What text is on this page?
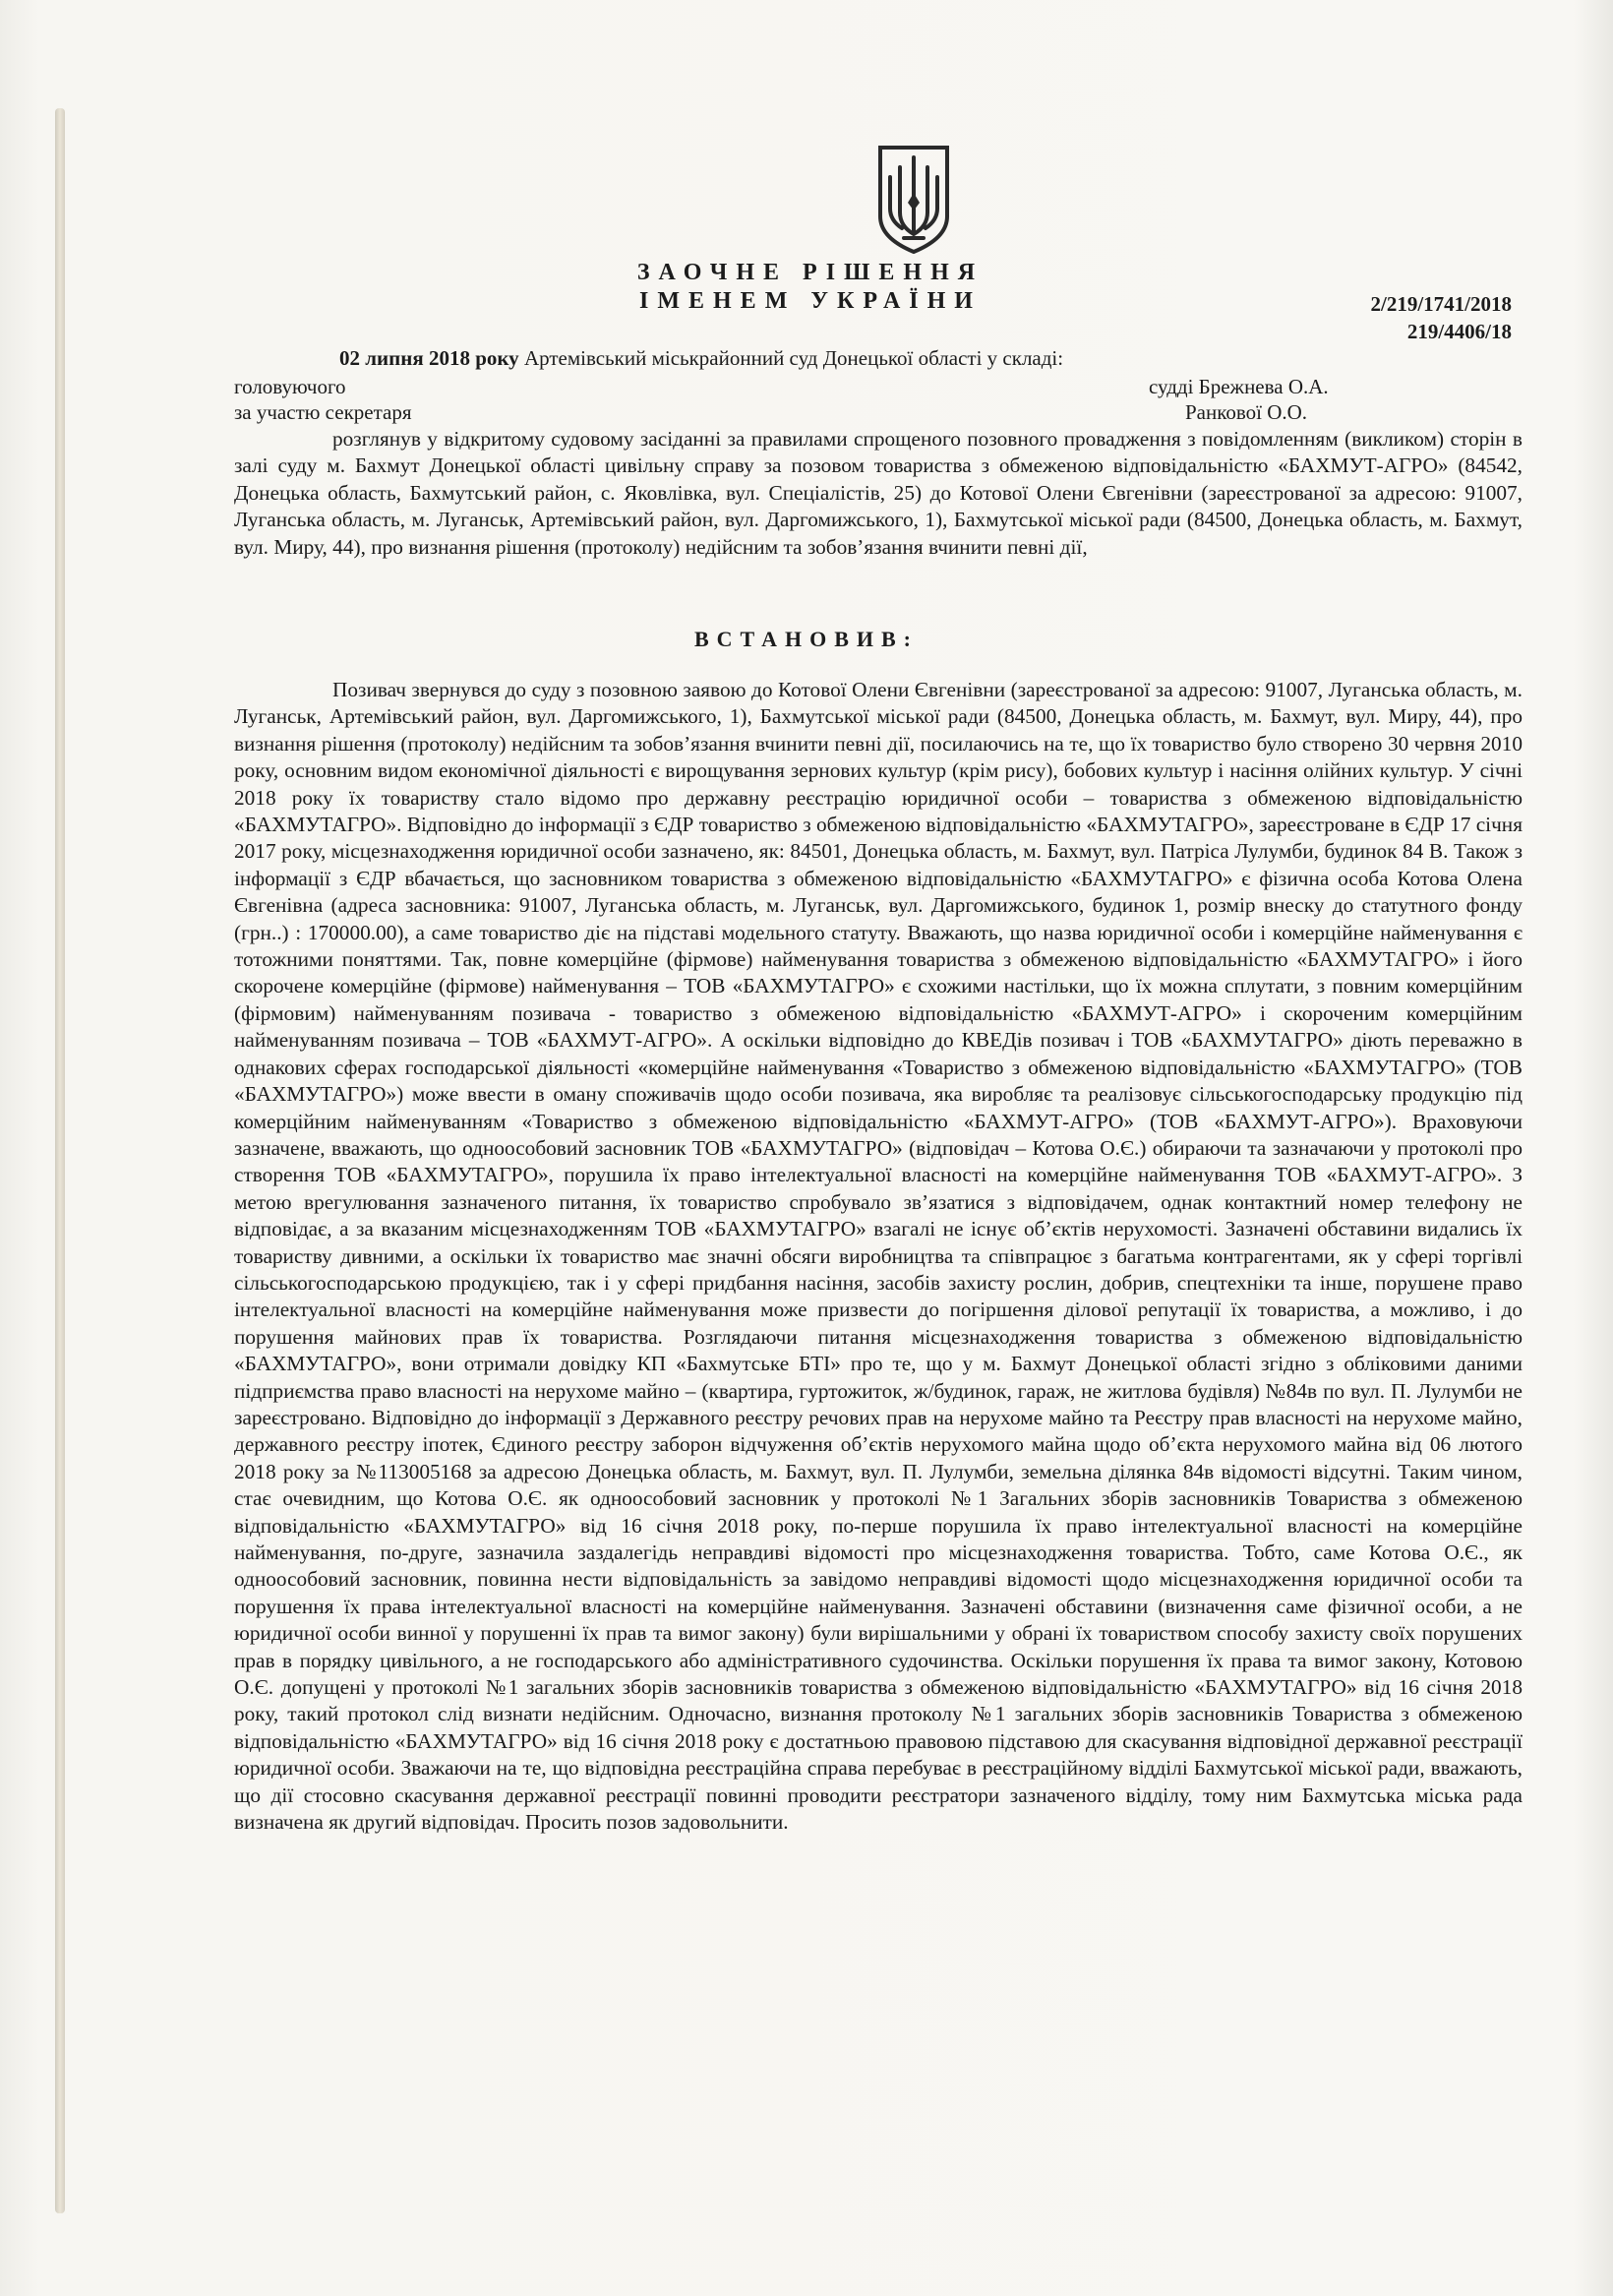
ЗАОЧНЕ РІШЕННЯ
ІМЕНЕМ УКРАЇНИ	2/219/1741/2018
219/4406/18
02 липня 2018 року Артемівський міськрайонний суд Донецької області у складі:
головуючого	судді Брежнева О.А.
за участю секретаря	Ранкової О.О.

розглянув у відкритому судовому засіданні за правилами спрощеного позовного провадження з повідомленням (викликом) сторін в залі суду м. Бахмут Донецької області цивільну справу за позовом товариства з обмеженою відповідальністю «БАХМУТ-АГРО» (84542, Донецька область, Бахмутський район, с. Яковлівка, вул. Спеціалістів, 25) до Котової Олени Євгенівни (зареєстрованої за адресою: 91007, Луганська область, м. Луганськ, Артемівський район, вул. Даргомижського, 1), Бахмутської міської ради (84500, Донецька область, м. Бахмут, вул. Миру, 44), про визнання рішення (протоколу) недійсним та зобов’язання вчинити певні дії,

ВСТАНОВИВ:

Позивач звернувся до суду з позовною заявою до Котової Олени Євгенівни (зареєстрованої за адресою: 91007, Луганська область, м. Луганськ, Артемівський район, вул. Даргомижського, 1), Бахмутської міської ради (84500, Донецька область, м. Бахмут, вул. Миру, 44), про визнання рішення (протоколу) недійсним та зобов’язання вчинити певні дії, посилаючись на те, що їх товариство було створено 30 червня 2010 року, основним видом економічної діяльності є вирощування зернових культур (крім рису), бобових культур і насіння олійних культур. У січні 2018 року їх товариству стало відомо про державну реєстрацію юридичної особи – товариства з обмеженою відповідальністю «БАХМУТАГРО». Відповідно до інформації з ЄДР товариство з обмеженою відповідальністю «БАХМУТАГРО», зареєстроване в ЄДР 17 січня 2017 року, місцезнаходження юридичної особи зазначено, як: 84501, Донецька область, м. Бахмут, вул. Патріса Лулумби, будинок 84 В. Також з інформації з ЄДР вбачається, що засновником товариства з обмеженою відповідальністю «БАХМУТАГРО» є фізична особа Котова Олена Євгенівна (адреса засновника: 91007, Луганська область, м. Луганськ, вул. Даргомижського, будинок 1, розмір внеску до статутного фонду (грн..) : 170000.00), а саме товариство діє на підставі модельного статуту. Вважають, що назва юридичної особи і комерційне найменування є тотожними поняттями. Так, повне комерційне (фірмове) найменування товариства з обмеженою відповідальністю «БАХМУТАГРО» і його скорочене комерційне (фірмове) найменування – ТОВ «БАХМУТАГРО» є схожими настільки, що їх можна сплутати, з повним комерційним (фірмовим) найменуванням позивача - товариство з обмеженою відповідальністю «БАХМУТ-АГРО» і скороченим комерційним найменуванням позивача – ТОВ «БАХМУТ-АГРО». А оскільки відповідно до КВЕДів позивач і ТОВ «БАХМУТАГРО» діють переважно в однакових сферах господарської діяльності «комерційне найменування «Товариство з обмеженою відповідальністю «БАХМУТАГРО» (ТОВ «БАХМУТАГРО») може ввести в оману споживачів щодо особи позивача, яка виробляє та реалізовує сільськогосподарську продукцію під комерційним найменуванням «Товариство з обмеженою відповідальністю «БАХМУТ-АГРО» (ТОВ «БАХМУТ-АГРО»). Враховуючи зазначене, вважають, що одноособовий засновник ТОВ «БАХМУТАГРО» (відповідач – Котова О.Є.) обираючи та зазначаючи у протоколі про створення ТОВ «БАХМУТАГРО», порушила їх право інтелектуальної власності на комерційне найменування ТОВ «БАХМУТ-АГРО». З метою врегулювання зазначеного питання, їх товариство спробувало зв’язатися з відповідачем, однак контактний номер телефону не відповідає, а за вказаним місцезнаходженням ТОВ «БАХМУТАГРО» взагалі не існує об’єктів нерухомості. Зазначені обставини видались їх товариству дивними, а оскільки їх товариство має значні обсяги виробництва та співпрацює з багатьма контрагентами, як у сфері торгівлі сільськогосподарською продукцією, так і у сфері придбання насіння, засобів захисту рослин, добрив, спецтехніки та інше, порушене право інтелектуальної власності на комерційне найменування може призвести до погіршення ділової репутації їх товариства, а можливо, і до порушення майнових прав їх товариства. Розглядаючи питання місцезнаходження товариства з обмеженою відповідальністю «БАХМУТАГРО», вони отримали довідку КП «Бахмутське БТІ» про те, що у м. Бахмут Донецької області згідно з обліковими даними підприємства право власності на нерухоме майно – (квартира, гуртожиток, ж/будинок, гараж, не житлова будівля) №84в по вул. П. Лулумби не зареєстровано. Відповідно до інформації з Державного реєстру речових прав на нерухоме майно та Реєстру прав власності на нерухоме майно, державного реєстру іпотек, Єдиного реєстру заборон відчуження об’єктів нерухомого майна щодо об’єкта нерухомого майна від 06 лютого 2018 року за №113005168 за адресою Донецька область, м. Бахмут, вул. П. Лулумби, земельна ділянка 84в відомості відсутні. Таким чином, стає очевидним, що Котова О.Є. як одноособовий засновник у протоколі №1 Загальних зборів засновників Товариства з обмеженою відповідальністю «БАХМУТАГРО» від 16 січня 2018 року, по-перше порушила їх право інтелектуальної власності на комерційне найменування, по-друге, зазначила заздалегідь неправдиві відомості про місцезнаходження товариства. Тобто, саме Котова О.Є., як одноособовий засновник, повинна нести відповідальність за завідомо неправдиві відомості щодо місцезнаходження юридичної особи та порушення їх права інтелектуальної власності на комерційне найменування. Зазначені обставини (визначення саме фізичної особи, а не юридичної особи винної у порушенні їх прав та вимог закону) були вирішальними у обрані їх товариством способу захисту своїх порушених прав в порядку цивільного, а не господарського або адміністративного судочинства. Оскільки порушення їх права та вимог закону, Котовою О.Є. допущені у протоколі №1 загальних зборів засновників товариства з обмеженою відповідальністю «БАХМУТАГРО» від 16 січня 2018 року, такий протокол слід визнати недійсним. Одночасно, визнання протоколу №1 загальних зборів засновників Товариства з обмеженою відповідальністю «БАХМУТАГРО» від 16 січня 2018 року є достатньою правовою підставою для скасування відповідної державної реєстрації юридичної особи. Зважаючи на те, що відповідна реєстраційна справа перебуває в реєстраційному відділі Бахмутської міської ради, вважають, що дії стосовно скасування державної реєстрації повинні проводити реєстратори зазначеного відділу, тому ним Бахмутська міська рада визначена як другий відповідач. Просить позов задовольнити.
